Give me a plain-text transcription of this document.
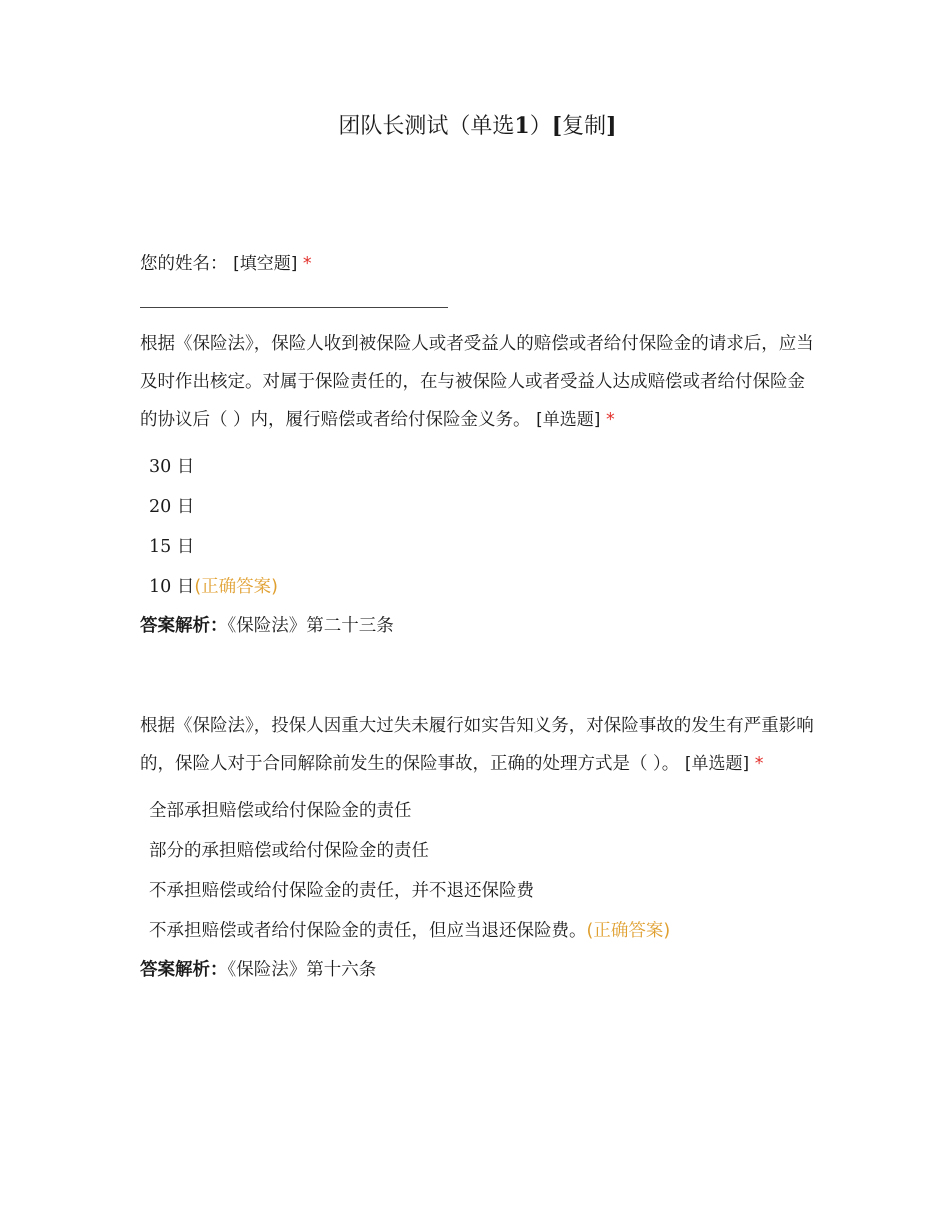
团队长测试（单选1）[复制]

您的姓名： [填空题] *

根据《保险法》，保险人收到被保险人或者受益人的赔偿或者给付保险金的请求后，应当及时作出核定。对属于保险责任的，在与被保险人或者受益人达成赔偿或者给付保险金的协议后（ ）内，履行赔偿或者给付保险金义务。 [单选题] *

30 日
20 日
15 日
10 日(正确答案)
答案解析：《保险法》第二十三条

根据《保险法》，投保人因重大过失未履行如实告知义务，对保险事故的发生有严重影响的，保险人对于合同解除前发生的保险事故，正确的处理方式是（ ）。 [单选题] *

全部承担赔偿或给付保险金的责任
部分的承担赔偿或给付保险金的责任
不承担赔偿或给付保险金的责任，并不退还保险费
不承担赔偿或者给付保险金的责任，但应当退还保险费。(正确答案)
答案解析：《保险法》第十六条
